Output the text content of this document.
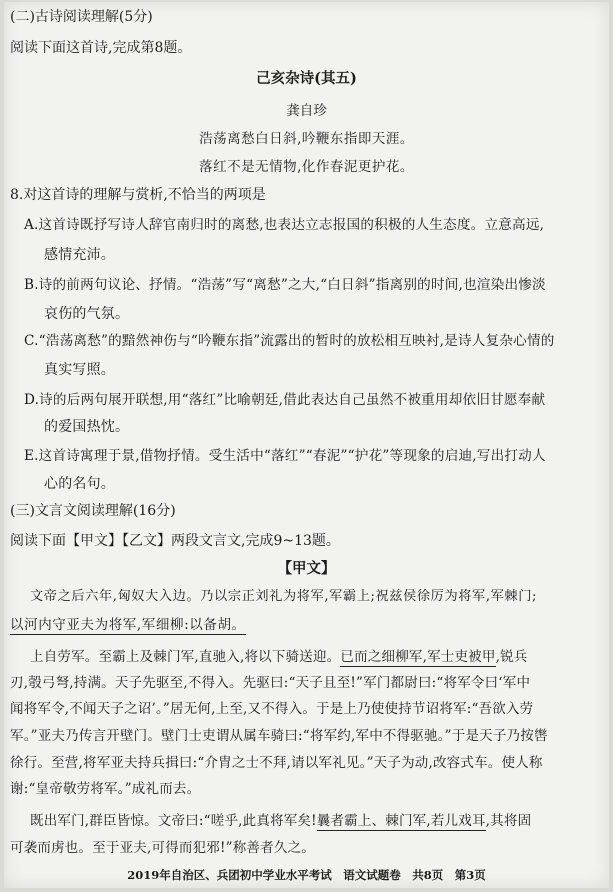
(二)古诗阅读理解(5分)
阅读下面这首诗,完成第8题。
己亥杂诗(其五)
龚自珍
浩荡离愁白日斜,吟鞭东指即天涯。
落红不是无情物,化作春泥更护花。
8.对这首诗的理解与赏析,不恰当的两项是
A.这首诗既抒写诗人辞官南归时的离愁,也表达立志报国的积极的人生态度。立意高远,
感情充沛。
B.诗的前两句议论、抒情。“浩荡”写“离愁”之大,“白日斜”指离别的时间,也渲染出惨淡
哀伤的气氛。
C.“浩荡离愁”的黯然神伤与“吟鞭东指”流露出的暂时的放松相互映衬,是诗人复杂心情的
真实写照。
D.诗的后两句展开联想,用“落红”比喻朝廷,借此表达自己虽然不被重用却依旧甘愿奉献
的爱国热忱。
E.这首诗寓理于景,借物抒情。受生活中“落红”“春泥”“护花”等现象的启迪,写出打动人
心的名句。
(三)文言文阅读理解(16分)
阅读下面【甲文】【乙文】两段文言文,完成9~13题。
【甲文】
文帝之后六年,匈奴大入边。乃以宗正刘礼为将军,军霸上;祝兹侯徐厉为将军,军棘门;
以河内守亚夫为将军,军细柳:以备胡。
上自劳军。至霸上及棘门军,直驰入,将以下骑送迎。已而之细柳军,军士吏被甲,锐兵
刃,彀弓弩,持满。天子先驱至,不得入。先驱曰:“天子且至!”军门都尉曰:“将军令曰‘军中
闻将军令,不闻天子之诏’。”居无何,上至,又不得入。于是上乃使使持节诏将军:“吾欲入劳
军。”亚夫乃传言开壁门。壁门士吏谓从属车骑曰:“将军约,军中不得驱驰。”于是天子乃按辔
徐行。至营,将军亚夫持兵揖曰:“介胄之士不拜,请以军礼见。”天子为动,改容式车。使人称
谢:“皇帝敬劳将军。”成礼而去。
既出军门,群臣皆惊。文帝曰:“嗟乎,此真将军矣!曩者霸上、棘门军,若儿戏耳,其将固
可袭而虏也。至于亚夫,可得而犯邪!”称善者久之。
2019年自治区、兵团初中学业水平考试　语文试题卷　共8页　第3页
